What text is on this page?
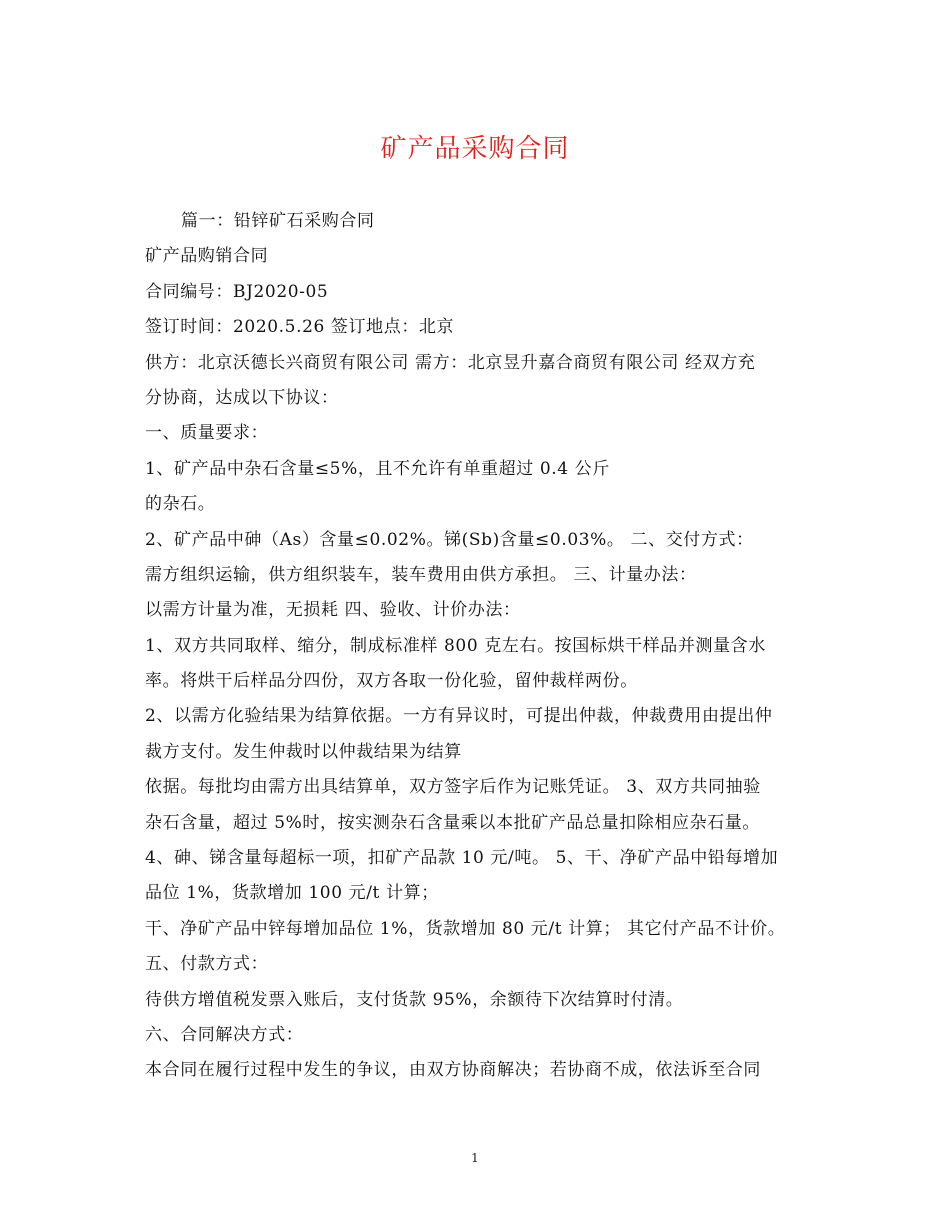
矿产品采购合同
篇一：铅锌矿石采购合同
矿产品购销合同
合同编号：BJ2020-05
签订时间：2020.5.26 签订地点：北京
供方：北京沃德长兴商贸有限公司 需方：北京昱升嘉合商贸有限公司 经双方充
分协商，达成以下协议：
一、质量要求：
1、矿产品中杂石含量≤5%，且不允许有单重超过 0.4 公斤
的杂石。
2、矿产品中砷（As）含量≤0.02%。锑(Sb)含量≤0.03%。 二、交付方式：
需方组织运输，供方组织装车，装车费用由供方承担。 三、计量办法：
以需方计量为准，无损耗 四、验收、计价办法：
1、双方共同取样、缩分，制成标准样 800 克左右。按国标烘干样品并测量含水
率。将烘干后样品分四份，双方各取一份化验，留仲裁样两份。
2、以需方化验结果为结算依据。一方有异议时，可提出仲裁，仲裁费用由提出仲
裁方支付。发生仲裁时以仲裁结果为结算
依据。每批均由需方出具结算单，双方签字后作为记账凭证。 3、双方共同抽验
杂石含量，超过 5%时，按实测杂石含量乘以本批矿产品总量扣除相应杂石量。
4、砷、锑含量每超标一项，扣矿产品款 10 元/吨。 5、干、净矿产品中铅每增加
品位 1%，货款增加 100 元/t 计算；
干、净矿产品中锌每增加品位 1%，货款增加 80 元/t 计算； 其它付产品不计价。
五、付款方式：
待供方增值税发票入账后，支付货款 95%，余额待下次结算时付清。
六、合同解决方式：
本合同在履行过程中发生的争议，由双方协商解决；若协商不成，依法诉至合同
1
